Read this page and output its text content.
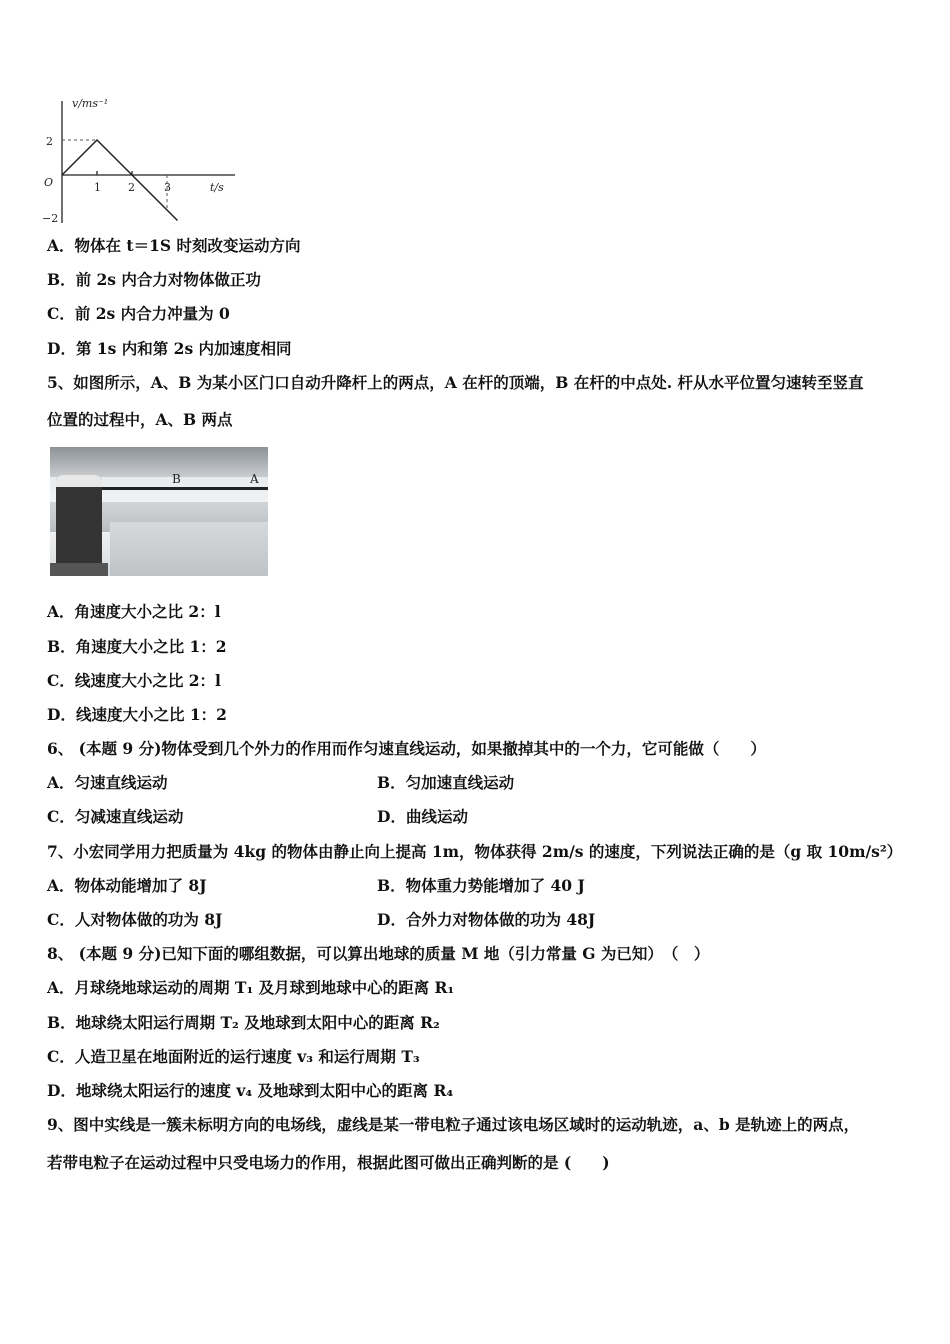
v/ms⁻¹
2
O
−2
1 2	3	t/s
A．物体在 t＝1S 时刻改变运动方向
B．前 2s 内合力对物体做正功
C．前 2s 内合力冲量为 0
D．第 1s 内和第 2s 内加速度相同
5、如图所示，A、B 为某小区门口自动升降杆上的两点，A 在杆的顶端，B 在杆的中点处. 杆从水平位置匀速转至竖直
位置的过程中，A、B 两点
B	A
A．角速度大小之比 2：l
B．角速度大小之比 1：2
C．线速度大小之比 2：l
D．线速度大小之比 1：2
6、 (本题 9 分)物体受到几个外力的作用而作匀速直线运动，如果撤掉其中的一个力，它可能做（　　）
A．匀速直线运动	B．匀加速直线运动
C．匀减速直线运动	D．曲线运动
7、小宏同学用力把质量为 4kg 的物体由静止向上提高 1m，物体获得 2m/s 的速度，下列说法正确的是（g 取 10m/s²）
A．物体动能增加了 8J	B．物体重力势能增加了 40 J
C．人对物体做的功为 8J	D．合外力对物体做的功为 48J
8、 (本题 9 分)已知下面的哪组数据，可以算出地球的质量 M 地（引力常量 G 为已知）　（　）
A．月球绕地球运动的周期 T₁ 及月球到地球中心的距离 R₁
B．地球绕太阳运行周期 T₂ 及地球到太阳中心的距离 R₂
C．人造卫星在地面附近的运行速度 v₃ 和运行周期 T₃
D．地球绕太阳运行的速度 v₄ 及地球到太阳中心的距离 R₄
9、图中实线是一簇未标明方向的电场线，虚线是某一带电粒子通过该电场区域时的运动轨迹，a、b 是轨迹上的两点，
若带电粒子在运动过程中只受电场力的作用，根据此图可做出正确判断的是 (　　)
